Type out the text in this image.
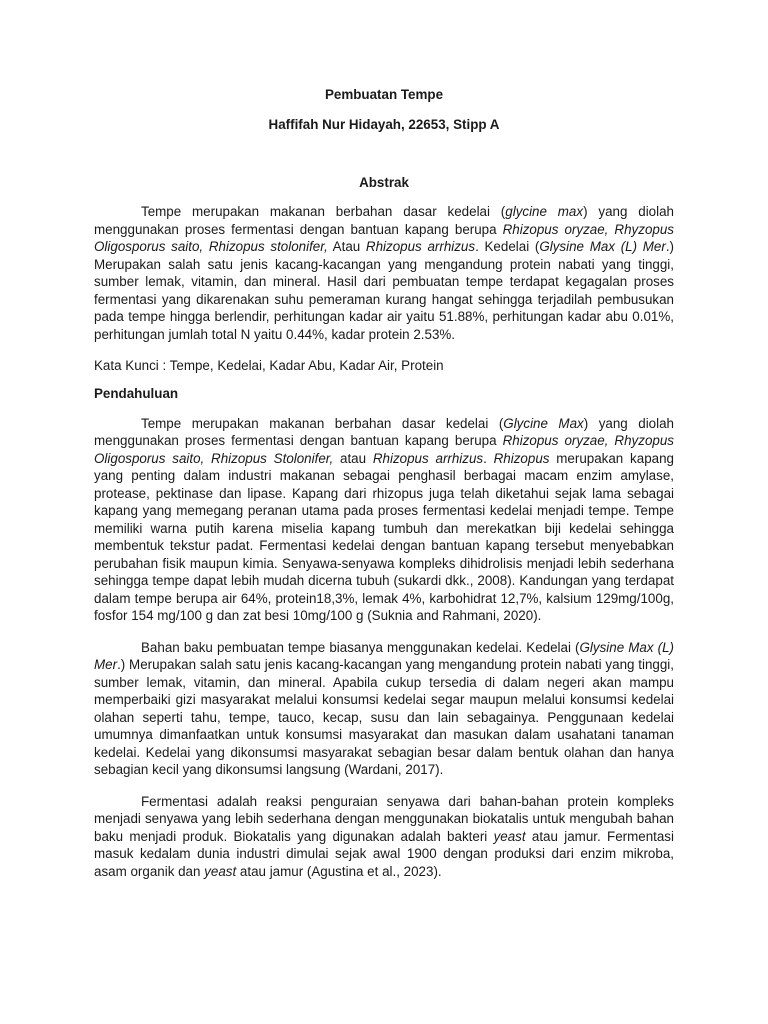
Pembuatan Tempe
Haffifah Nur Hidayah, 22653, Stipp A
Abstrak

Tempe merupakan makanan berbahan dasar kedelai (glycine max) yang diolah menggunakan proses fermentasi dengan bantuan kapang berupa Rhizopus oryzae, Rhyzopus Oligosporus saito, Rhizopus stolonifer, Atau Rhizopus arrhizus. Kedelai (Glysine Max (L) Mer.) Merupakan salah satu jenis kacang-kacangan yang mengandung protein nabati yang tinggi, sumber lemak, vitamin, dan mineral. Hasil dari pembuatan tempe terdapat kegagalan proses fermentasi yang dikarenakan suhu pemeraman kurang hangat sehingga terjadilah pembusukan pada tempe hingga berlendir, perhitungan kadar air yaitu 51.88%, perhitungan kadar abu 0.01%, perhitungan jumlah total N yaitu 0.44%, kadar protein 2.53%.

Kata Kunci : Tempe, Kedelai, Kadar Abu, Kadar Air, Protein

Pendahuluan

Tempe merupakan makanan berbahan dasar kedelai (Glycine Max) yang diolah menggunakan proses fermentasi dengan bantuan kapang berupa Rhizopus oryzae, Rhyzopus Oligosporus saito, Rhizopus Stolonifer, atau Rhizopus arrhizus. Rhizopus merupakan kapang yang penting dalam industri makanan sebagai penghasil berbagai macam enzim amylase, protease, pektinase dan lipase. Kapang dari rhizopus juga telah diketahui sejak lama sebagai kapang yang memegang peranan utama pada proses fermentasi kedelai menjadi tempe. Tempe memiliki warna putih karena miselia kapang tumbuh dan merekatkan biji kedelai sehingga membentuk tekstur padat. Fermentasi kedelai dengan bantuan kapang tersebut menyebabkan perubahan fisik maupun kimia. Senyawa-senyawa kompleks dihidrolisis menjadi lebih sederhana sehingga tempe dapat lebih mudah dicerna tubuh (sukardi dkk., 2008). Kandungan yang terdapat dalam tempe berupa air 64%, protein18,3%, lemak 4%, karbohidrat 12,7%, kalsium 129mg/100g, fosfor 154 mg/100 g dan zat besi 10mg/100 g (Suknia and Rahmani, 2020).

Bahan baku pembuatan tempe biasanya menggunakan kedelai. Kedelai (Glysine Max (L) Mer.) Merupakan salah satu jenis kacang-kacangan yang mengandung protein nabati yang tinggi, sumber lemak, vitamin, dan mineral. Apabila cukup tersedia di dalam negeri akan mampu memperbaiki gizi masyarakat melalui konsumsi kedelai segar maupun melalui konsumsi kedelai olahan seperti tahu, tempe, tauco, kecap, susu dan lain sebagainya. Penggunaan kedelai umumnya dimanfaatkan untuk konsumsi masyarakat dan masukan dalam usahatani tanaman kedelai. Kedelai yang dikonsumsi masyarakat sebagian besar dalam bentuk olahan dan hanya sebagian kecil yang dikonsumsi langsung (Wardani, 2017).

Fermentasi adalah reaksi penguraian senyawa dari bahan-bahan protein kompleks menjadi senyawa yang lebih sederhana dengan menggunakan biokatalis untuk mengubah bahan baku menjadi produk. Biokatalis yang digunakan adalah bakteri yeast atau jamur. Fermentasi masuk kedalam dunia industri dimulai sejak awal 1900 dengan produksi dari enzim mikroba, asam organik dan yeast atau jamur (Agustina et al., 2023).
